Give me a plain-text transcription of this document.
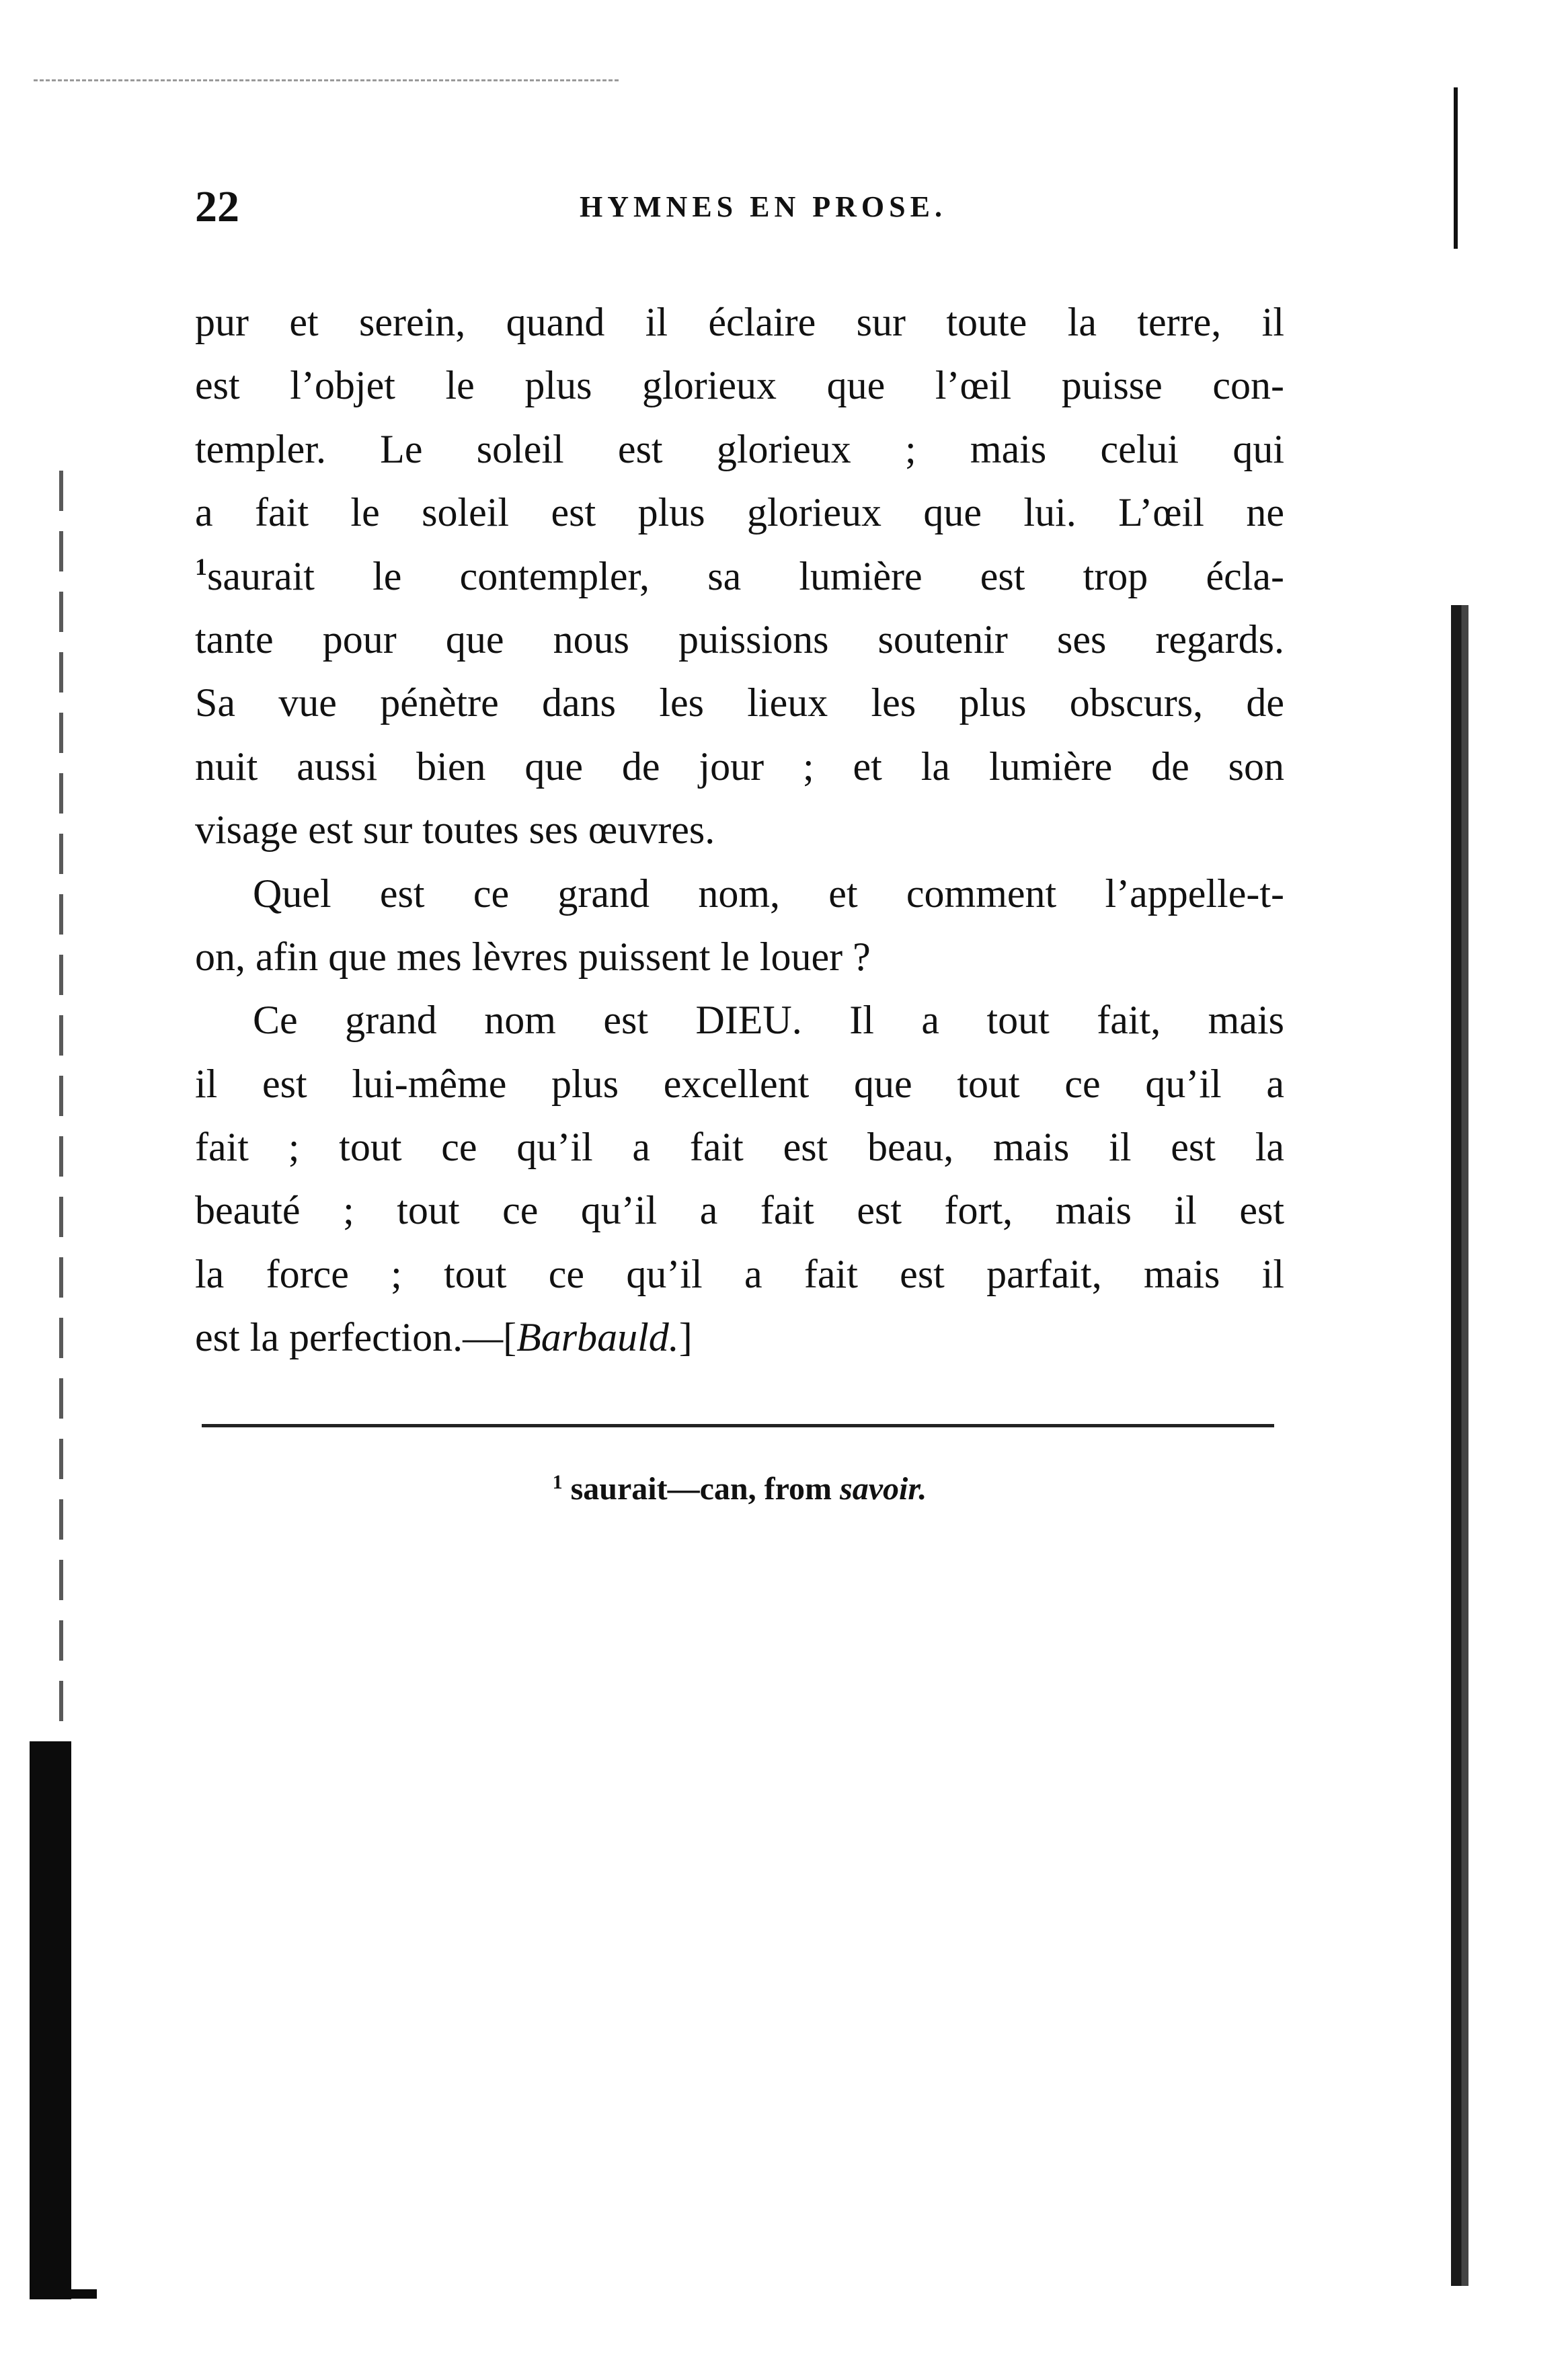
22	HYMNES EN PROSE.
pur et serein, quand il éclaire sur toute la terre, il
est l’objet le plus glorieux que l’œil puisse con-
templer. Le soleil est glorieux ; mais celui qui
a fait le soleil est plus glorieux que lui. L’œil ne
$^1$saurait le contempler, sa lumière est trop écla-
tante pour que nous puissions soutenir ses regards.
Sa vue pénètre dans les lieux les plus obscurs, de
nuit aussi bien que de jour ; et la lumière de son
visage est sur toutes ses œuvres.
Quel est ce grand nom, et comment l’appelle-t-
on, afin que mes lèvres puissent le louer ?
Ce grand nom est DIEU. Il a tout fait, mais
il est lui-même plus excellent que tout ce qu’il a
fait ; tout ce qu’il a fait est beau, mais il est la
beauté ; tout ce qu’il a fait est fort, mais il est
la force ; tout ce qu’il a fait est parfait, mais il
est la perfection.—[Barbauld.]
$^1$ saurait—can, from savoir.
